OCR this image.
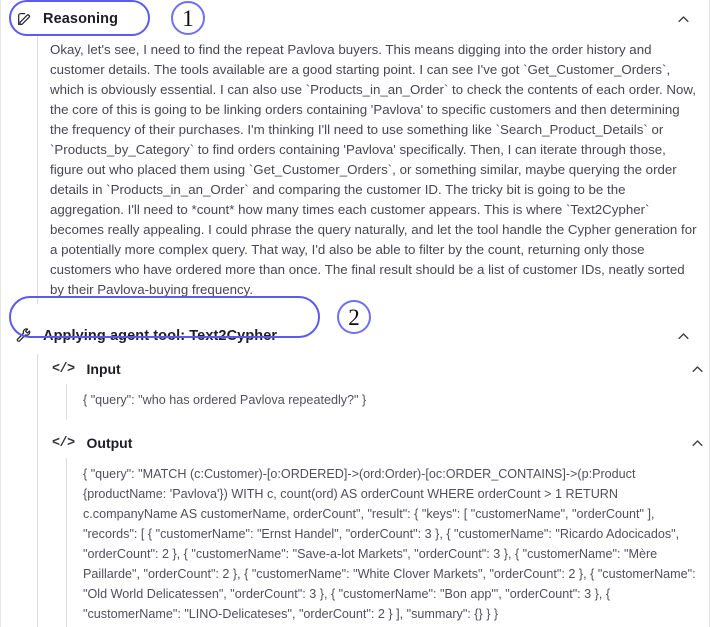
Reasoning

Okay, let's see, I need to find the repeat Pavlova buyers. This means digging into the order history and customer details. The tools available are a good starting point. I can see I've got `Get_Customer_Orders`, which is obviously essential. I can also use `Products_in_an_Order` to check the contents of each order. Now, the core of this is going to be linking orders containing 'Pavlova' to specific customers and then determining the frequency of their purchases. I'm thinking I'll need to use something like `Search_Product_Details` or `Products_by_Category` to find orders containing 'Pavlova' specifically. Then, I can iterate through those, figure out who placed them using `Get_Customer_Orders`, or something similar, maybe querying the order details in `Products_in_an_Order` and comparing the customer ID. The tricky bit is going to be the aggregation. I'll need to *count* how many times each customer appears. This is where `Text2Cypher` becomes really appealing. I could phrase the query naturally, and let the tool handle the Cypher generation for a potentially more complex query. That way, I'd also be able to filter by the count, returning only those customers who have ordered more than once. The final result should be a list of customer IDs, neatly sorted by their Pavlova-buying frequency.

Applying agent tool: Text2Cypher
</> Input

{ "query": "who has ordered Pavlova repeatedly?" }

</> Output

{ "query": "MATCH (c:Customer)-[o:ORDERED]->(ord:Order)-[oc:ORDER_CONTAINS]->(p:Product {productName: 'Pavlova'}) WITH c, count(ord) AS orderCount WHERE orderCount > 1 RETURN c.companyName AS customerName, orderCount", "result": { "keys": [ "customerName", "orderCount" ], "records": [ { "customerName": "Ernst Handel", "orderCount": 3 }, { "customerName": "Ricardo Adocicados", "orderCount": 2 }, { "customerName": "Save-a-lot Markets", "orderCount": 3 }, { "customerName": "Mère Paillarde", "orderCount": 2 }, { "customerName": "White Clover Markets", "orderCount": 2 }, { "customerName": "Old World Delicatessen", "orderCount": 3 }, { "customerName": "Bon app'", "orderCount": 3 }, { "customerName": "LINO-Delicateses", "orderCount": 2 } ], "summary": {} } }

1
2
